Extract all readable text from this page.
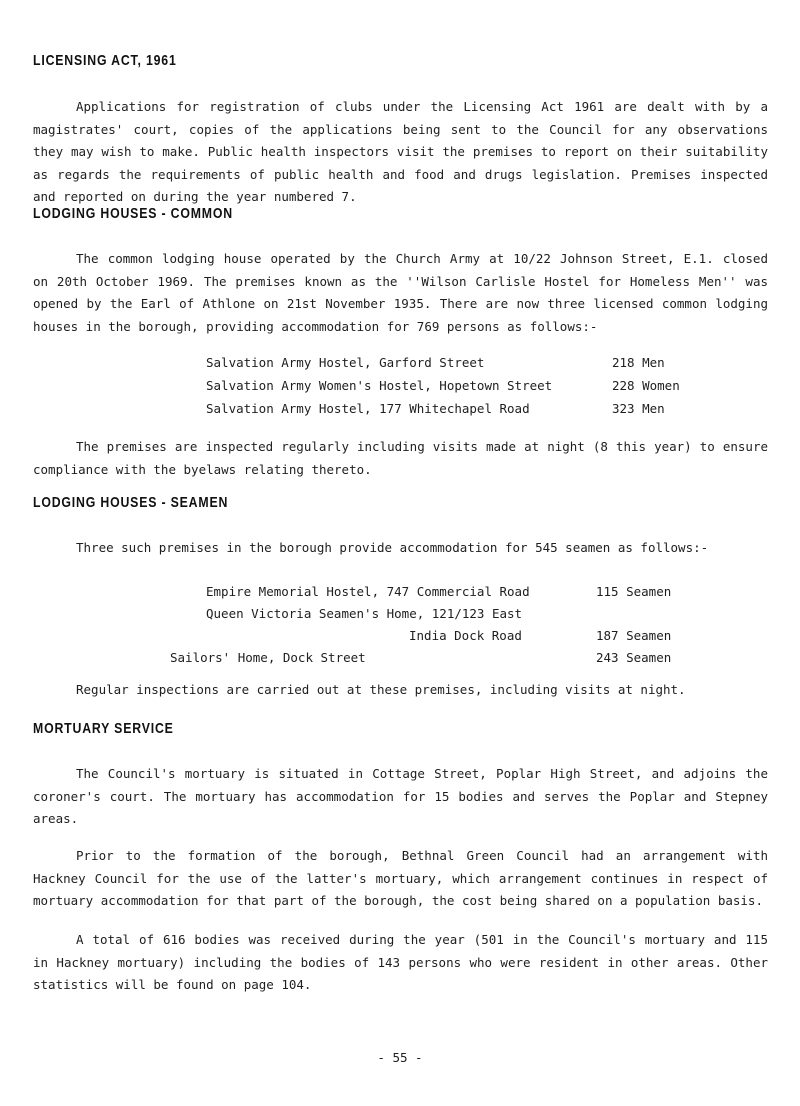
LICENSING ACT, 1961

Applications for registration of clubs under the Licensing Act 1961 are dealt with by a magistrates' court, copies of the applications being sent to the Council for any observations they may wish to make. Public health inspectors visit the premises to report on their suitability as regards the requirements of public health and food and drugs legislation. Premises inspected and reported on during the year numbered 7.

LODGING HOUSES - COMMON

The common lodging house operated by the Church Army at 10/22 Johnson Street, E.1. closed on 20th October 1969. The premises known as the ''Wilson Carlisle Hostel for Homeless Men'' was opened by the Earl of Athlone on 21st November 1935. There are now three licensed common lodging houses in the borough, providing accommodation for 769 persons as follows:-

Salvation Army Hostel, Garford Street	218 Men
Salvation Army Women's Hostel, Hopetown Street	228 Women
Salvation Army Hostel, 177 Whitechapel Road	323 Men

The premises are inspected regularly including visits made at night (8 this year) to ensure compliance with the byelaws relating thereto.

LODGING HOUSES - SEAMEN

Three such premises in the borough provide accommodation for 545 seamen as follows:-

Empire Memorial Hostel, 747 Commercial Road	115 Seamen
Queen Victoria Seamen's Home, 121/123 East
India Dock Road	187 Seamen
Sailors' Home, Dock Street	243 Seamen

Regular inspections are carried out at these premises, including visits at night.

MORTUARY SERVICE

The Council's mortuary is situated in Cottage Street, Poplar High Street, and adjoins the coroner's court. The mortuary has accommodation for 15 bodies and serves the Poplar and Stepney areas.

Prior to the formation of the borough, Bethnal Green Council had an arrangement with Hackney Council for the use of the latter's mortuary, which arrangement continues in respect of mortuary accommodation for that part of the borough, the cost being shared on a population basis.

A total of 616 bodies was received during the year (501 in the Council's mortuary and 115 in Hackney mortuary) including the bodies of 143 persons who were resident in other areas. Other statistics will be found on page 104.

- 55 -
